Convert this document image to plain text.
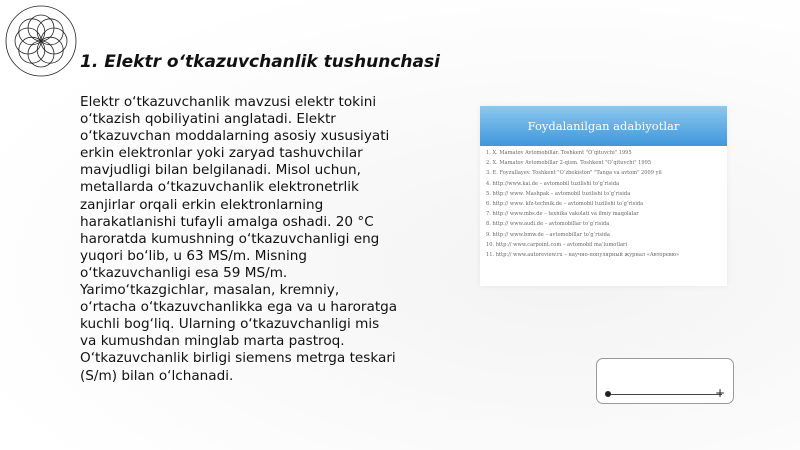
1. Elektr o‘tkazuvchanlik tushunchasi

Elektr o‘tkazuvchanlik mavzusi elektr tokini o‘tkazish qobiliyatini anglatadi. Elektr o‘tkazuvchan moddalarning asosiy xususiyati erkin elektronlar yoki zaryad tashuvchilar mavjudligi bilan belgilanadi. Misol uchun, metallarda o‘tkazuvchanlik elektronetrlik zanjirlar orqali erkin elektronlarning harakatlanishi tufayli amalga oshadi. 20 °C haroratda kumushning o‘tkazuvchanligi eng yuqori bo‘lib, u 63 MS/m. Misning o‘tkazuvchanligi esa 59 MS/m. Yarimo‘tkazgichlar, masalan, kremniy, o‘rtacha o‘tkazuvchanlikka ega va u haroratga kuchli bog‘liq. Ularning o‘tkazuvchanligi mis va kumushdan minglab marta pastroq. O‘tkazuvchanlik birligi siemens metrga teskari (S/m) bilan o‘lchanadi.

Foydalanilgan adabiyotlar
1. X. Mamatov Avtomobillar. Toshkent "O‘qituvchi" 1995
2. X. Mamatov Avtomobillar 2-qism. Toshkent "O‘qituvchi" 1995
3. E. Foyzullayev. Toshkent "O‘zbekiston" "Tanga va avtom" 2009 yil
4. http://www.kai.de – avtomobil tuzilishi to‘g‘risida
5. http:// www. Mashpak – avtomobil tuzilishi to‘g‘risida
6. http:// www. kfz-technik.de – avtomobil tuzilishi to‘g‘risida
7. http:// www.mbs.de – texnika vakolati va ilmiy maqolalar
8. http:// www.audi.de – avtomobillar to‘g‘risida
9. http:// www.bmw.de – avtomobillar to‘g‘risida
10. http:// www.carpoint.com – avtomobil ma’lumotlari
11. http:// www.autoreview.ru – научно-популярный журнал «Авторевю»
+
